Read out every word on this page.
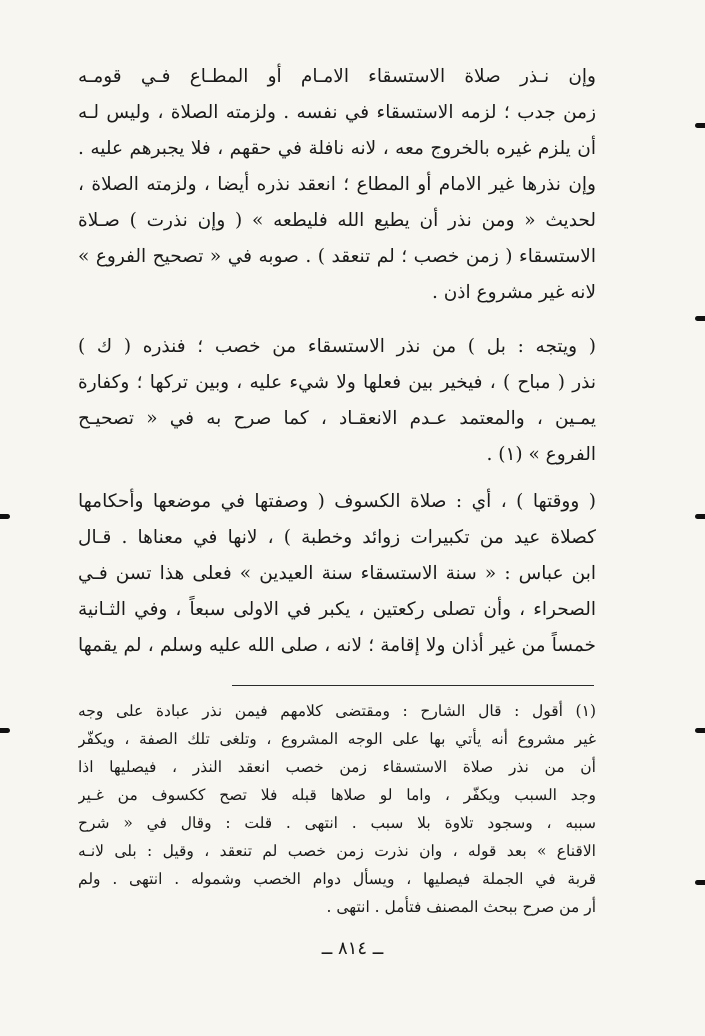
وإن نـذر صلاة الاستسقاء الامـام أو المطـاع فـي قومـه
زمن جدب ؛ لزمه الاستسقاء في نفسه . ولزمته الصلاة ، وليس لـه
أن يلزم غيره بالخروج معه ، لانه نافلة في حقهم ، فلا يجبرهم عليه .
وإن نذرها غير الامام أو المطاع ؛ انعقد نذره أيضا ، ولزمته الصلاة ،
لحديث « ومن نذر أن يطيع الله فليطعه » ( وإن نذرت ) صـلاة
الاستسقاء ( زمن خصب ؛ لم تنعقد ) . صوبه في « تصحيح الفروع »
لانه غير مشروع اذن .
( ويتجه : بل ) من نذر الاستسقاء من خصب ؛ فنذره ( ك )
نذر ( مباح ) ، فيخير بين فعلها ولا شيء عليه ، وبين تركها ؛ وكفارة
يمـين ، والمعتمد عـدم الانعقـاد ، كما صرح به في « تصحيـح
الفروع » (١) .
( ووقتها ) ، أي : صلاة الكسوف ( وصفتها في موضعها وأحكامها
كصلاة عيد من تكبيرات زوائد وخطبة ) ، لانها في معناها . قـال
ابن عباس : « سنة الاستسقاء سنة العيدين » فعلى هذا تسن فـي
الصحراء ، وأن تصلى ركعتين ، يكبر في الاولى سبعاً ، وفي الثـانية
خمساً من غير أذان ولا إقامة ؛ لانه ، صلى الله عليه وسلم ، لم يقمها
(١) أقول : قال الشارح : ومقتضى كلامهم فيمن نذر عبادة على وجه
غير مشروع أنه يأتي بها على الوجه المشروع ، وتلغى تلك الصفة ، ويكفّر
أن من نذر صلاة الاستسقاء زمن خصب انعقد النذر ، فيصليها اذا
وجد السبب ويكفّر ، واما لو صلاها قبله فلا تصح ككسوف من غـير
سببه ، وسجود تلاوة بلا سبب . انتهى . قلت : وقال في « شرح
الاقناع » بعد قوله ، وان نذرت زمن خصب لم تنعقد ، وقيل : بلى لانـه
قربة في الجملة فيصليها ، ويسأل دوام الخصب وشموله . انتهى . ولم
أر من صرح ببحث المصنف فتأمل . انتهى .
ــ ٨١٤ ــ
